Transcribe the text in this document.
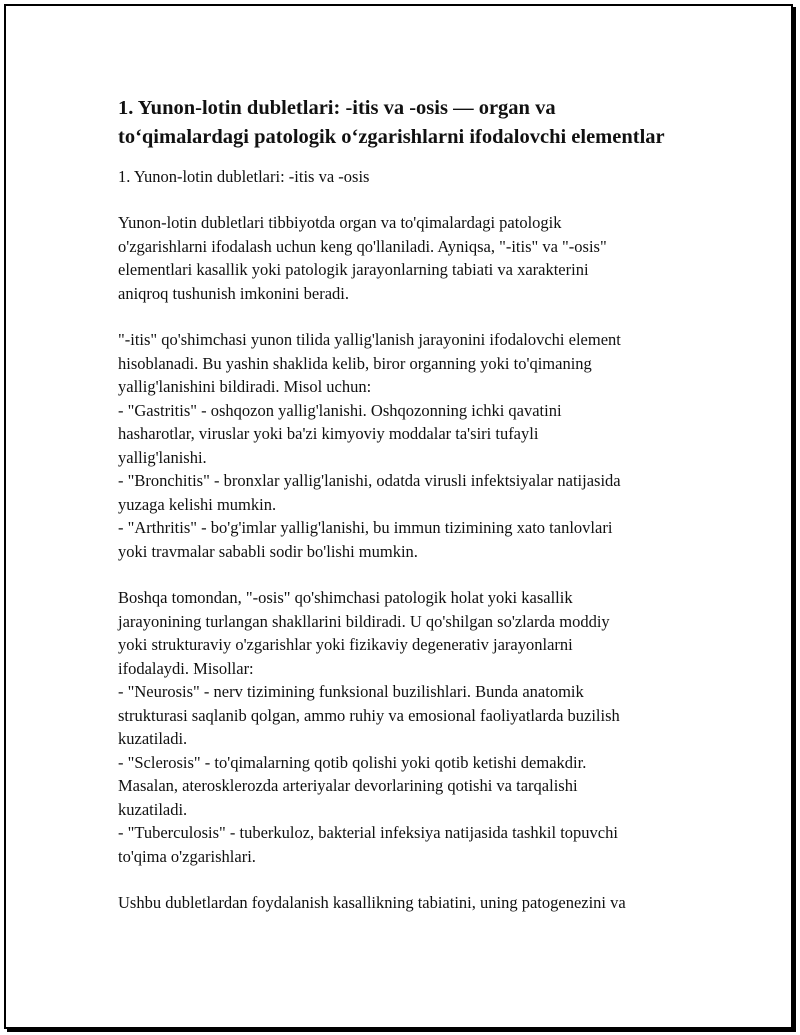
1. Yunon-lotin dubletlari: -itis va -osis — organ va
to‘qimalardagi patologik o‘zgarishlarni ifodalovchi elementlar
1. Yunon-lotin dubletlari: -itis va -osis
Yunon-lotin dubletlari tibbiyotda organ va to'qimalardagi patologik
o'zgarishlarni ifodalash uchun keng qo'llaniladi. Ayniqsa, "-itis" va "-osis"
elementlari kasallik yoki patologik jarayonlarning tabiati va xarakterini
aniqroq tushunish imkonini beradi.
"-itis" qo'shimchasi yunon tilida yallig'lanish jarayonini ifodalovchi element
hisoblanadi. Bu yashin shaklida kelib, biror organning yoki to'qimaning
yallig'lanishini bildiradi. Misol uchun:
- "Gastritis" - oshqozon yallig'lanishi. Oshqozonning ichki qavatini
hasharotlar, viruslar yoki ba'zi kimyoviy moddalar ta'siri tufayli
yallig'lanishi.
- "Bronchitis" - bronxlar yallig'lanishi, odatda virusli infektsiyalar natijasida
yuzaga kelishi mumkin.
- "Arthritis" - bo'g'imlar yallig'lanishi, bu immun tizimining xato tanlovlari
yoki travmalar sababli sodir bo'lishi mumkin.
Boshqa tomondan, "-osis" qo'shimchasi patologik holat yoki kasallik
jarayonining turlangan shakllarini bildiradi. U qo'shilgan so'zlarda moddiy
yoki strukturaviy o'zgarishlar yoki fizikaviy degenerativ jarayonlarni
ifodalaydi. Misollar:
- "Neurosis" - nerv tizimining funksional buzilishlari. Bunda anatomik
strukturasi saqlanib qolgan, ammo ruhiy va emosional faoliyatlarda buzilish
kuzatiladi.
- "Sclerosis" - to'qimalarning qotib qolishi yoki qotib ketishi demakdir.
Masalan, aterosklerozda arteriyalar devorlarining qotishi va tarqalishi
kuzatiladi.
- "Tuberculosis" - tuberkuloz, bakterial infeksiya natijasida tashkil topuvchi
to'qima o'zgarishlari.
Ushbu dubletlardan foydalanish kasallikning tabiatini, uning patogenezini va
